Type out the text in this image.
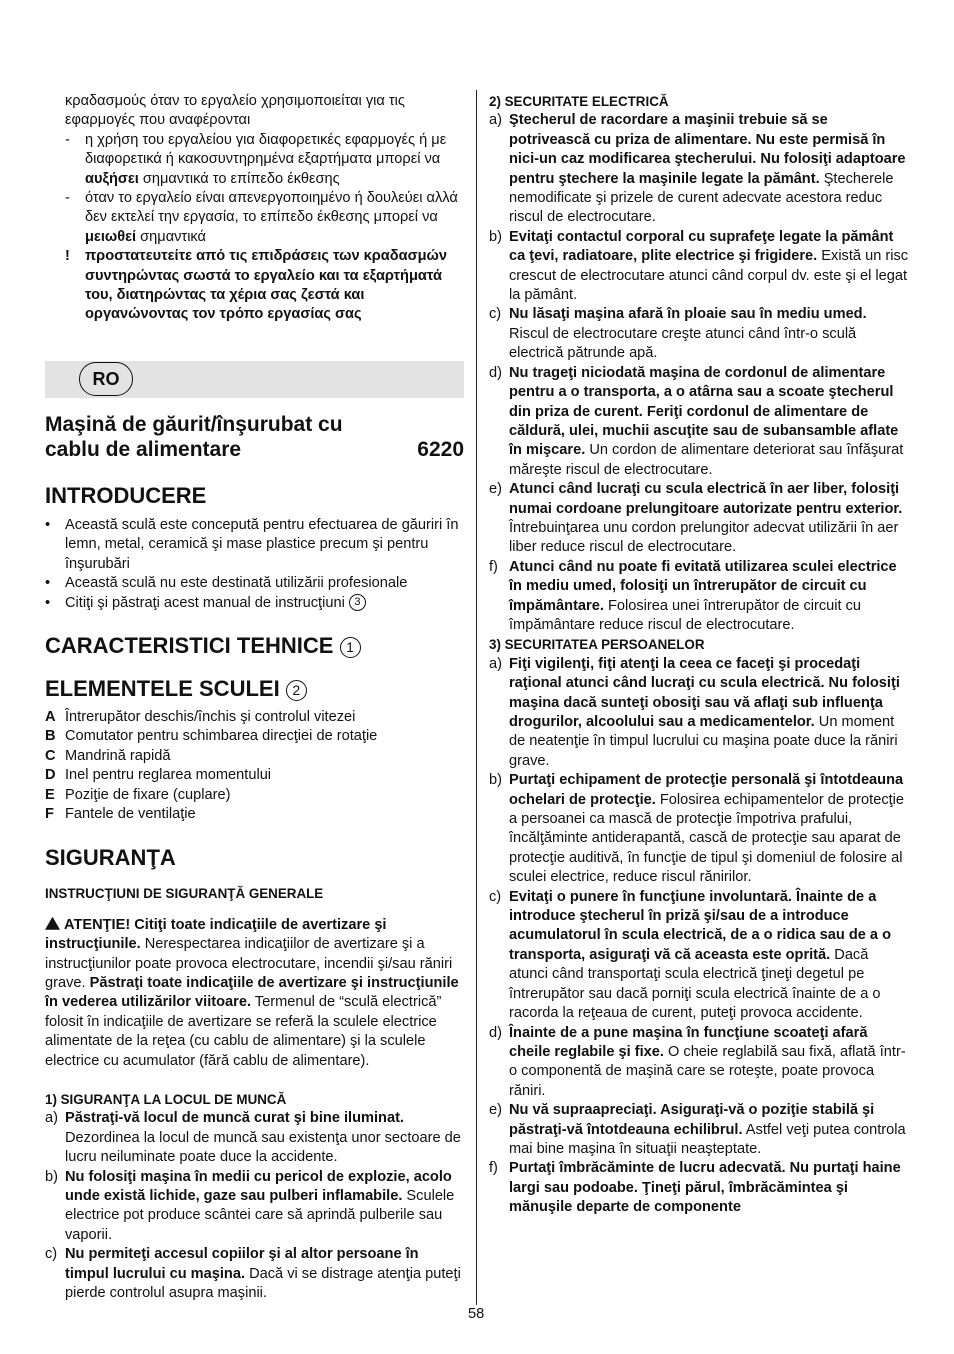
κραδασμούς όταν το εργαλείο χρησιμοποιείται για τις εφαρμογές που αναφέρονται

-	η χρήση του εργαλείου για διαφορετικές εφαρμογές ή με διαφορετικά ή κακοσυντηρημένα εξαρτήματα μπορεί να αυξήσει σημαντικά το επίπεδο έκθεσης
-	όταν το εργαλείο είναι απενεργοποιημένο ή δουλεύει αλλά δεν εκτελεί την εργασία, το επίπεδο έκθεσης μπορεί να μειωθεί σημαντικά
!	προστατευτείτε από τις επιδράσεις των κραδασμών συντηρώντας σωστά το εργαλείο και τα εξαρτήματά του, διατηρώντας τα χέρια σας ζεστά και οργανώνοντας τον τρόπο εργασίας σας
RO
6220
Maşină de găurit/înşurubat cu cablu de alimentare
INTRODUCERE
•	Această sculă este concepută pentru efectuarea de găuriri în lemn, metal, ceramică şi mase plastice precum şi pentru înşurubări
•	Această sculă nu este destinată utilizării profesionale
•	Citiţi şi păstraţi acest manual de instrucţiuni 3
CARACTERISTICI TEHNICE 1
ELEMENTELE SCULEI 2
A Întrerupător deschis/închis şi controlul vitezei
B Comutator pentru schimbarea direcţiei de rotaţie
C Mandrină rapidă
D Inel pentru reglarea momentului
E Poziţie de fixare (cuplare)
F Fantele de ventilaţie
SIGURANŢA

INSTRUCŢIUNI DE SIGURANŢĂ GENERALE

ATENŢIE! Citiţi toate indicaţiile de avertizare şi instrucţiunile. Nerespectarea indicaţiilor de avertizare şi a instrucţiunilor poate provoca electrocutare, incendii şi/sau răniri grave. Păstraţi toate indicaţiile de avertizare şi instrucţiunile în vederea utilizărilor viitoare. Termenul de “sculă electrică” folosit în indicaţiile de avertizare se referă la sculele electrice alimentate de la reţea (cu cablu de alimentare) şi la sculele electrice cu acumulator (fără cablu de alimentare).

1) SIGURANŢA LA LOCUL DE MUNCĂ

a) Păstraţi-vă locul de muncă curat şi bine iluminat. Dezordinea la locul de muncă sau existenţa unor sectoare de lucru neiluminate poate duce la accidente.
b) Nu folosiţi maşina în medii cu pericol de explozie, acolo unde există lichide, gaze sau pulberi inflamabile. Sculele electrice pot produce scântei care să aprindă pulberile sau vaporii.
c) Nu permiteţi accesul copiilor şi al altor persoane în timpul lucrului cu maşina. Dacă vi se distrage atenţia puteţi pierde controlul asupra maşinii.

2) SECURITATE ELECTRICĂ

a) Ştecherul de racordare a maşinii trebuie să se potrivească cu priza de alimentare. Nu este permisă în nici-un caz modificarea ştecherului. Nu folosiţi adaptoare pentru ştechere la maşinile legate la pământ. Ştecherele nemodificate şi prizele de curent adecvate acestora reduc riscul de electrocutare.
b) Evitaţi contactul corporal cu suprafeţe legate la pământ ca ţevi, radiatoare, plite electrice şi frigidere. Există un risc crescut de electrocutare atunci când corpul dv. este şi el legat la pământ.
c) Nu lăsaţi maşina afară în ploaie sau în mediu umed. Riscul de electrocutare creşte atunci când într-o sculă electrică pătrunde apă.
d) Nu trageţi niciodată maşina de cordonul de alimentare pentru a o transporta, a o atârna sau a scoate ştecherul din priza de curent. Feriţi cordonul de alimentare de căldură, ulei, muchii ascuţite sau de subansamble aflate în mişcare. Un cordon de alimentare deteriorat sau înfăşurat măreşte riscul de electrocutare.
e) Atunci când lucraţi cu scula electrică în aer liber, folosiţi numai cordoane prelungitoare autorizate pentru exterior. Întrebuinţarea unu cordon prelungitor adecvat utilizării în aer liber reduce riscul de electrocutare.
f) Atunci când nu poate fi evitată utilizarea sculei electrice în mediu umed, folosiţi un întrerupător de circuit cu împământare. Folosirea unei întrerupător de circuit cu împământare reduce riscul de electrocutare.

3) SECURITATEA PERSOANELOR

a) Fiţi vigilenţi, fiţi atenţi la ceea ce faceţi şi procedaţi raţional atunci când lucraţi cu scula electrică. Nu folosiţi maşina dacă sunteţi obosiţi sau vă aflaţi sub influenţa drogurilor, alcoolului sau a medicamentelor. Un moment de neatenţie în timpul lucrului cu maşina poate duce la răniri grave.
b) Purtaţi echipament de protecţie personală şi întotdeauna ochelari de protecţie. Folosirea echipamentelor de protecţie a persoanei ca mască de protecţie împotriva prafului, încălţăminte antiderapantă, cască de protecţie sau aparat de protecţie auditivă, în funcţie de tipul şi domeniul de folosire al sculei electrice, reduce riscul rănirilor.
c) Evitaţi o punere în funcţiune involuntară. Înainte de a introduce ştecherul în priză şi/sau de a introduce acumulatorul în scula electrică, de a o ridica sau de a o transporta, asiguraţi vă că aceasta este oprită. Dacă atunci când transportaţi scula electrică ţineţi degetul pe întrerupător sau dacă porniţi scula electrică înainte de a o racorda la reţeaua de curent, puteţi provoca accidente.
d) Înainte de a pune maşina în funcţiune scoateţi afară cheile reglabile şi fixe. O cheie reglabilă sau fixă, aflată într-o componentă de maşină care se roteşte, poate provoca răniri.
e) Nu vă supraapreciaţi. Asiguraţi-vă o poziţie stabilă şi păstraţi-vă întotdeauna echilibrul. Astfel veţi putea controla mai bine maşina în situaţii neaşteptate.
f) Purtaţi îmbrăcăminte de lucru adecvată. Nu purtaţi haine largi sau podoabe. Ţineţi părul, îmbrăcămintea şi mănuşile departe de componente
58
